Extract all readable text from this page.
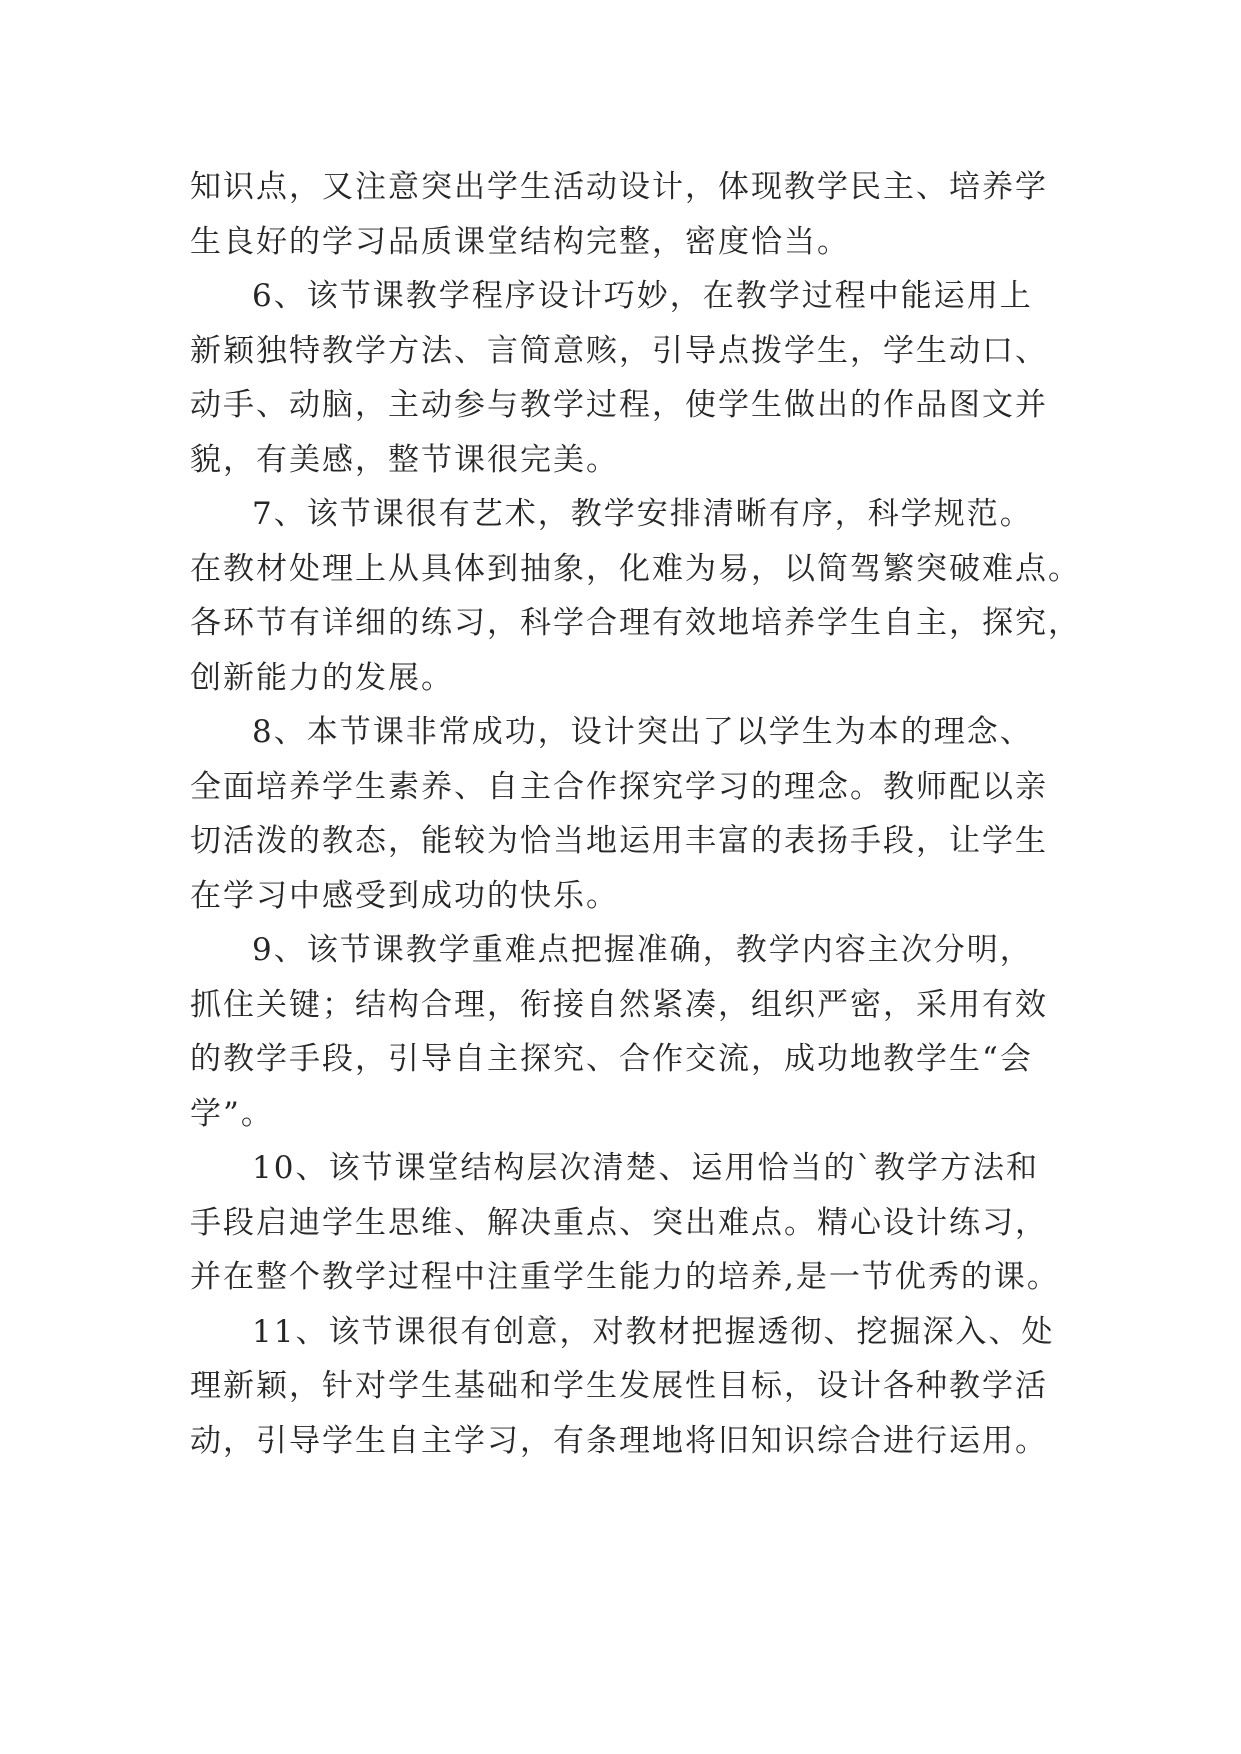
知识点，又注意突出学生活动设计，体现教学民主、培养学
生良好的学习品质课堂结构完整，密度恰当。
6、该节课教学程序设计巧妙，在教学过程中能运用上
新颖独特教学方法、言简意赅，引导点拨学生，学生动口、
动手、动脑，主动参与教学过程，使学生做出的作品图文并
貌，有美感，整节课很完美。
7、该节课很有艺术，教学安排清晰有序，科学规范。
在教材处理上从具体到抽象，化难为易，以简驾繁突破难点。
各环节有详细的练习，科学合理有效地培养学生自主，探究，
创新能力的发展。
8、本节课非常成功，设计突出了以学生为本的理念、
全面培养学生素养、自主合作探究学习的理念。教师配以亲
切活泼的教态，能较为恰当地运用丰富的表扬手段，让学生
在学习中感受到成功的快乐。
9、该节课教学重难点把握准确，教学内容主次分明，
抓住关键；结构合理，衔接自然紧凑，组织严密，采用有效
的教学手段，引导自主探究、合作交流，成功地教学生“会
学”。
10、该节课堂结构层次清楚、运用恰当的`教学方法和
手段启迪学生思维、解决重点、突出难点。精心设计练习，
并在整个教学过程中注重学生能力的培养,是一节优秀的课。
11、该节课很有创意，对教材把握透彻、挖掘深入、处
理新颖，针对学生基础和学生发展性目标，设计各种教学活
动，引导学生自主学习，有条理地将旧知识综合进行运用。
